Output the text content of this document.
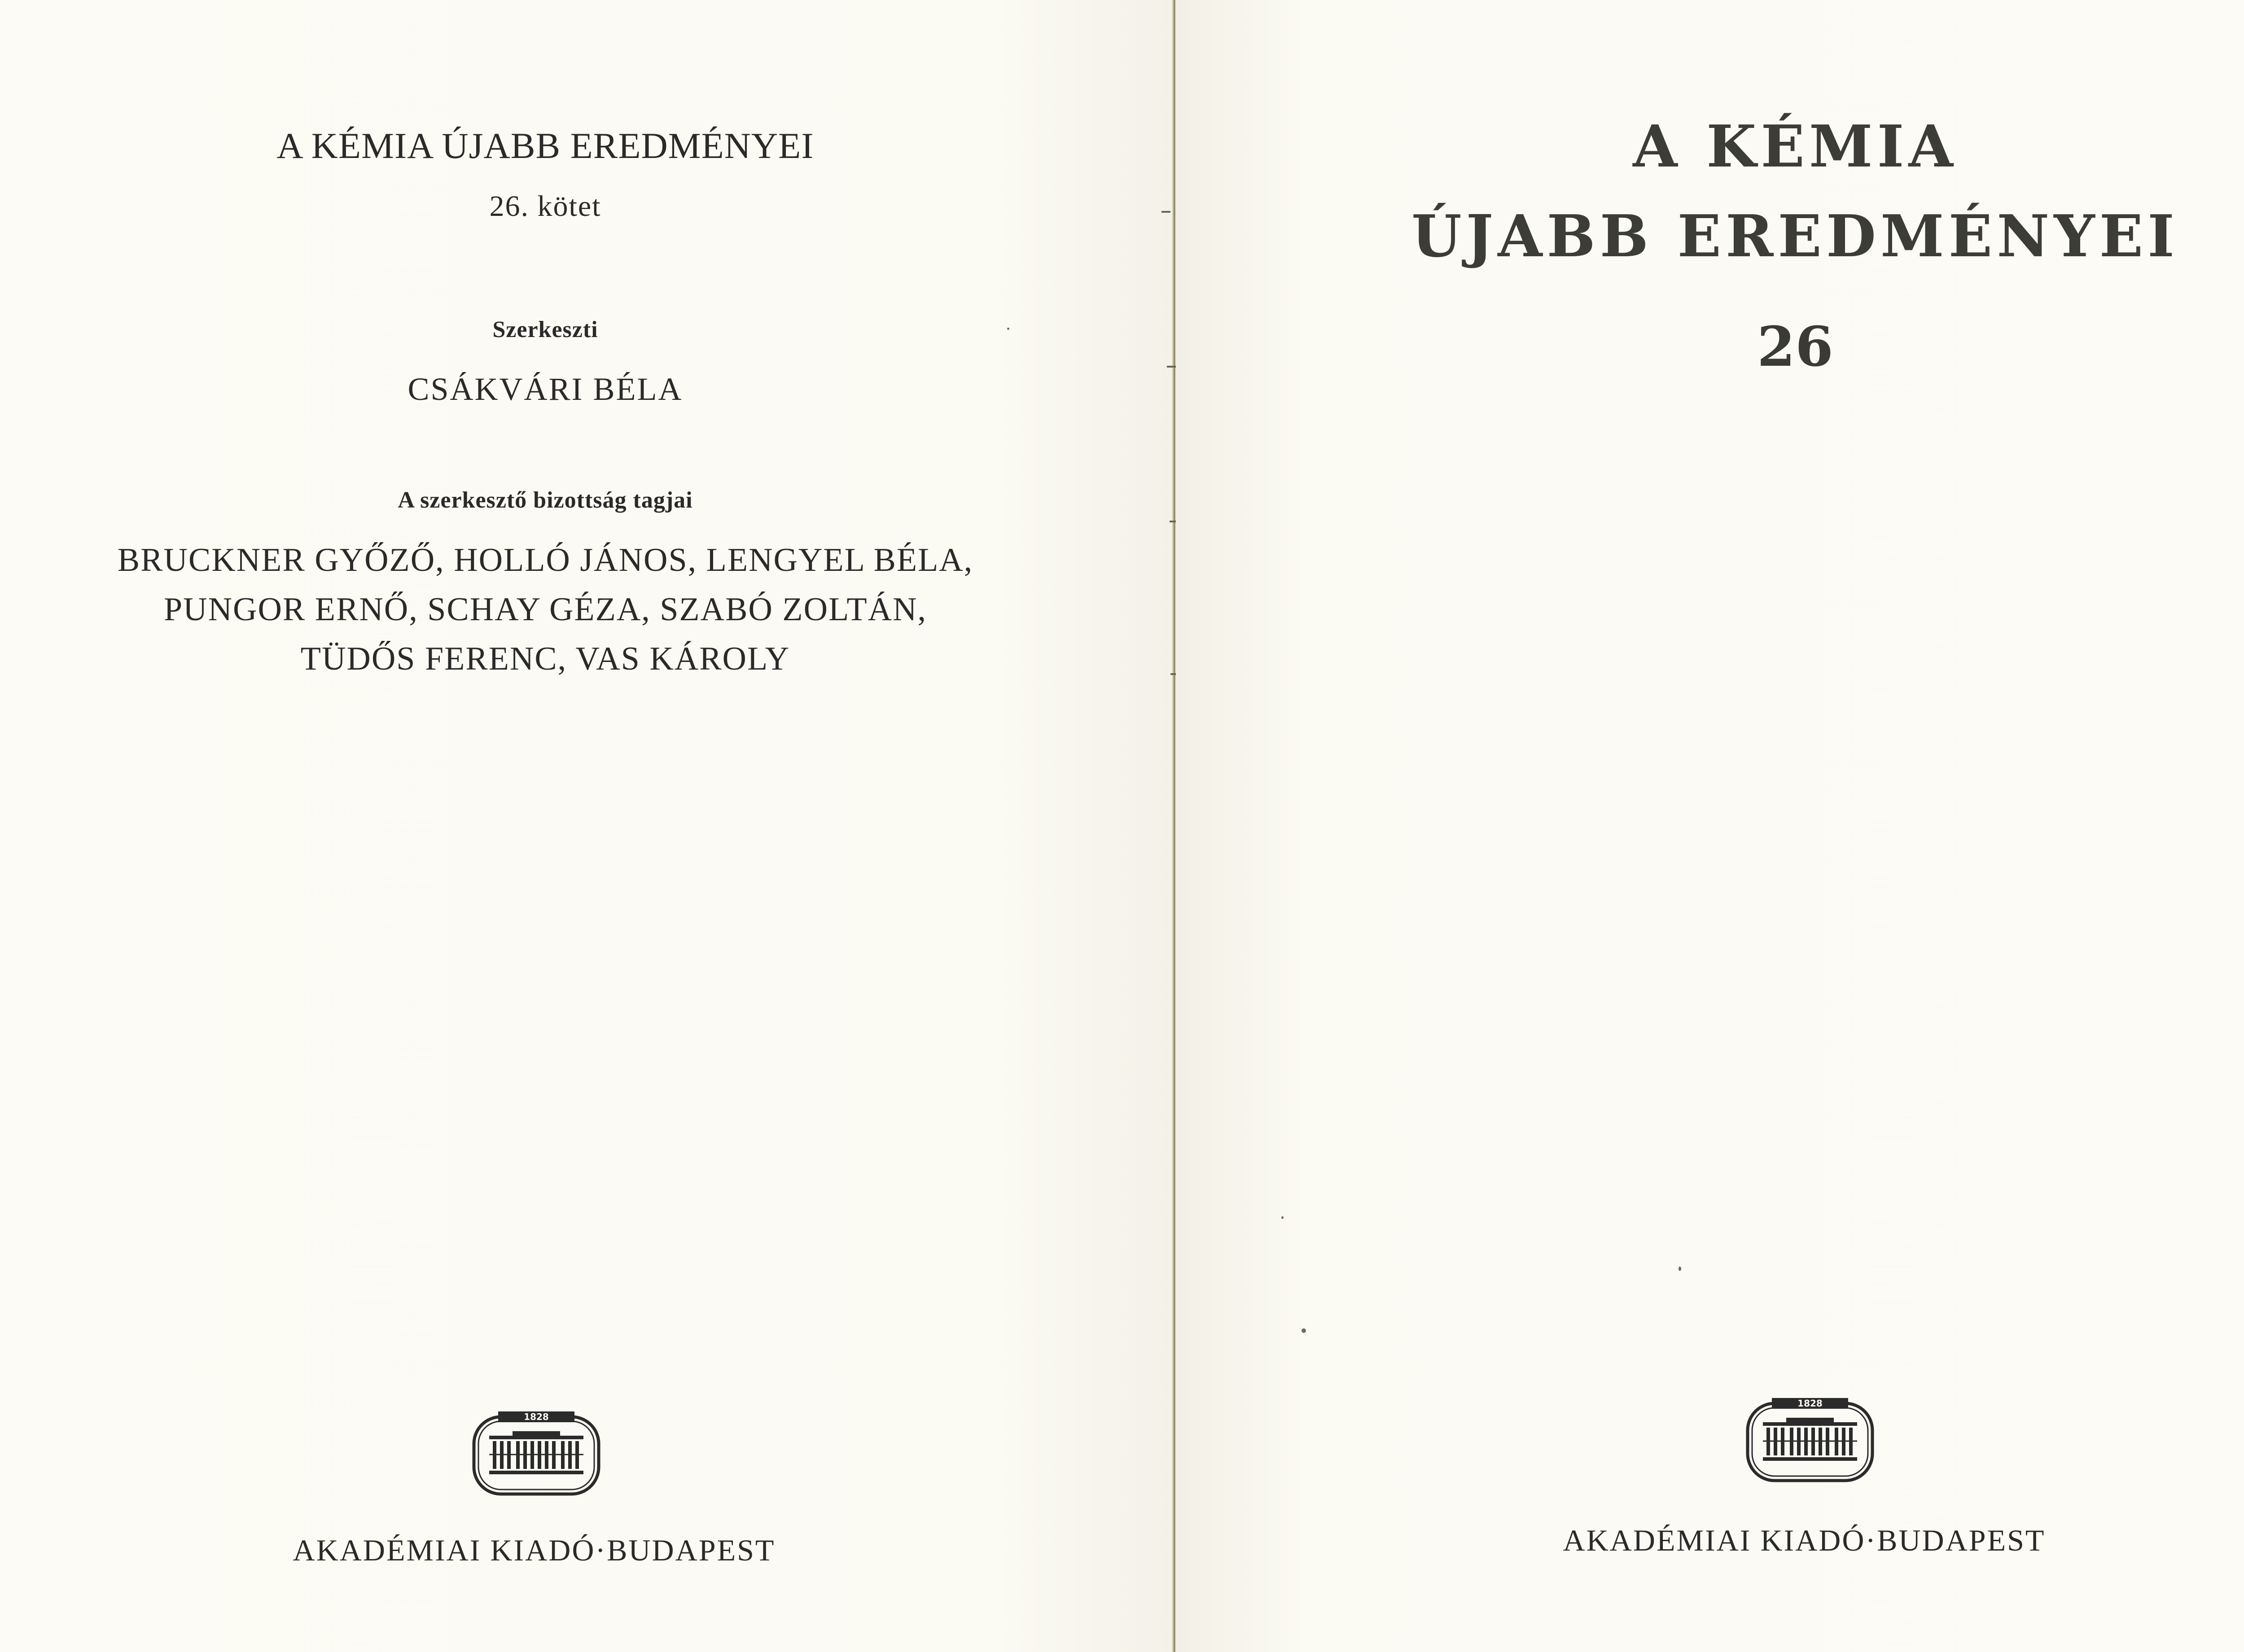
A KÉMIA ÚJABB EREDMÉNYEI
26. kötet
Szerkeszti
CSÁKVÁRI BÉLA
A szerkesztő bizottság tagjai
BRUCKNER GYŐZŐ, HOLLÓ JÁNOS, LENGYEL BÉLA,
PUNGOR ERNŐ, SCHAY GÉZA, SZABÓ ZOLTÁN,
TÜDŐS FERENC, VAS KÁROLY
1828
AKADÉMIAI KIADÓ·BUDAPEST
A KÉMIA
ÚJABB EREDMÉNYEI
26
1828
AKADÉMIAI KIADÓ·BUDAPEST
